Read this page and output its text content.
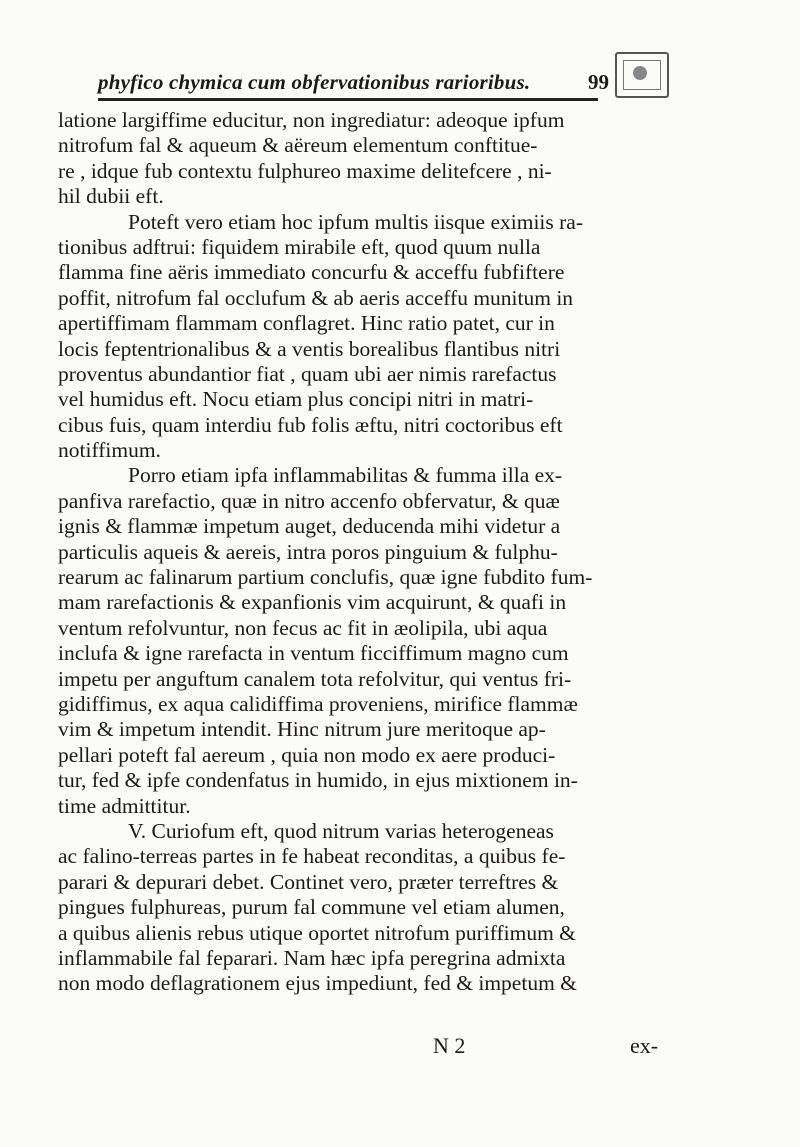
phyfico chymica cum obfervationibus rarioribus.	99
latione largiffime educitur, non ingrediatur: adeoque ipfum
nitrofum fal & aqueum & aëreum elementum conftitue-
re , idque fub contextu fulphureo maxime delitefcere , ni-
hil dubii eft.
Poteft vero etiam hoc ipfum multis iisque eximiis ra-
tionibus adftrui: fiquidem mirabile eft, quod quum nulla
flamma fine aëris immediato concurfu & acceffu fubfiftere
poffit, nitrofum fal occlufum & ab aeris acceffu munitum in
apertiffimam flammam conflagret. Hinc ratio patet, cur in
locis feptentrionalibus & a ventis borealibus flantibus nitri
proventus abundantior fiat , quam ubi aer nimis rarefactus
vel humidus eft. Nocu etiam plus concipi nitri in matri-
cibus fuis, quam interdiu fub folis æftu, nitri coctoribus eft
notiffimum.
Porro etiam ipfa inflammabilitas & fumma illa ex-
panfiva rarefactio, quæ in nitro accenfo obfervatur, & quæ
ignis & flammæ impetum auget, deducenda mihi videtur a
particulis aqueis & aereis, intra poros pinguium & fulphu-
rearum ac falinarum partium conclufis, quæ igne fubdito fum-
mam rarefactionis & expanfionis vim acquirunt, & quafi in
ventum refolvuntur, non fecus ac fit in æolipila, ubi aqua
inclufa & igne rarefacta in ventum ficciffimum magno cum
impetu per anguftum canalem tota refolvitur, qui ventus fri-
gidiffimus, ex aqua calidiffima proveniens, mirifice flammæ
vim & impetum intendit. Hinc nitrum jure meritoque ap-
pellari poteft fal aereum , quia non modo ex aere produci-
tur, fed & ipfe condenfatus in humido, in ejus mixtionem in-
time admittitur.
V. Curiofum eft, quod nitrum varias heterogeneas
ac falino-terreas partes in fe habeat reconditas, a quibus fe-
parari & depurari debet. Continet vero, præter terreftres &
pingues fulphureas, purum fal commune vel etiam alumen,
a quibus alienis rebus utique oportet nitrofum puriffimum &
inflammabile fal feparari. Nam hæc ipfa peregrina admixta
non modo deflagrationem ejus impediunt, fed & impetum &
N 2	ex-
